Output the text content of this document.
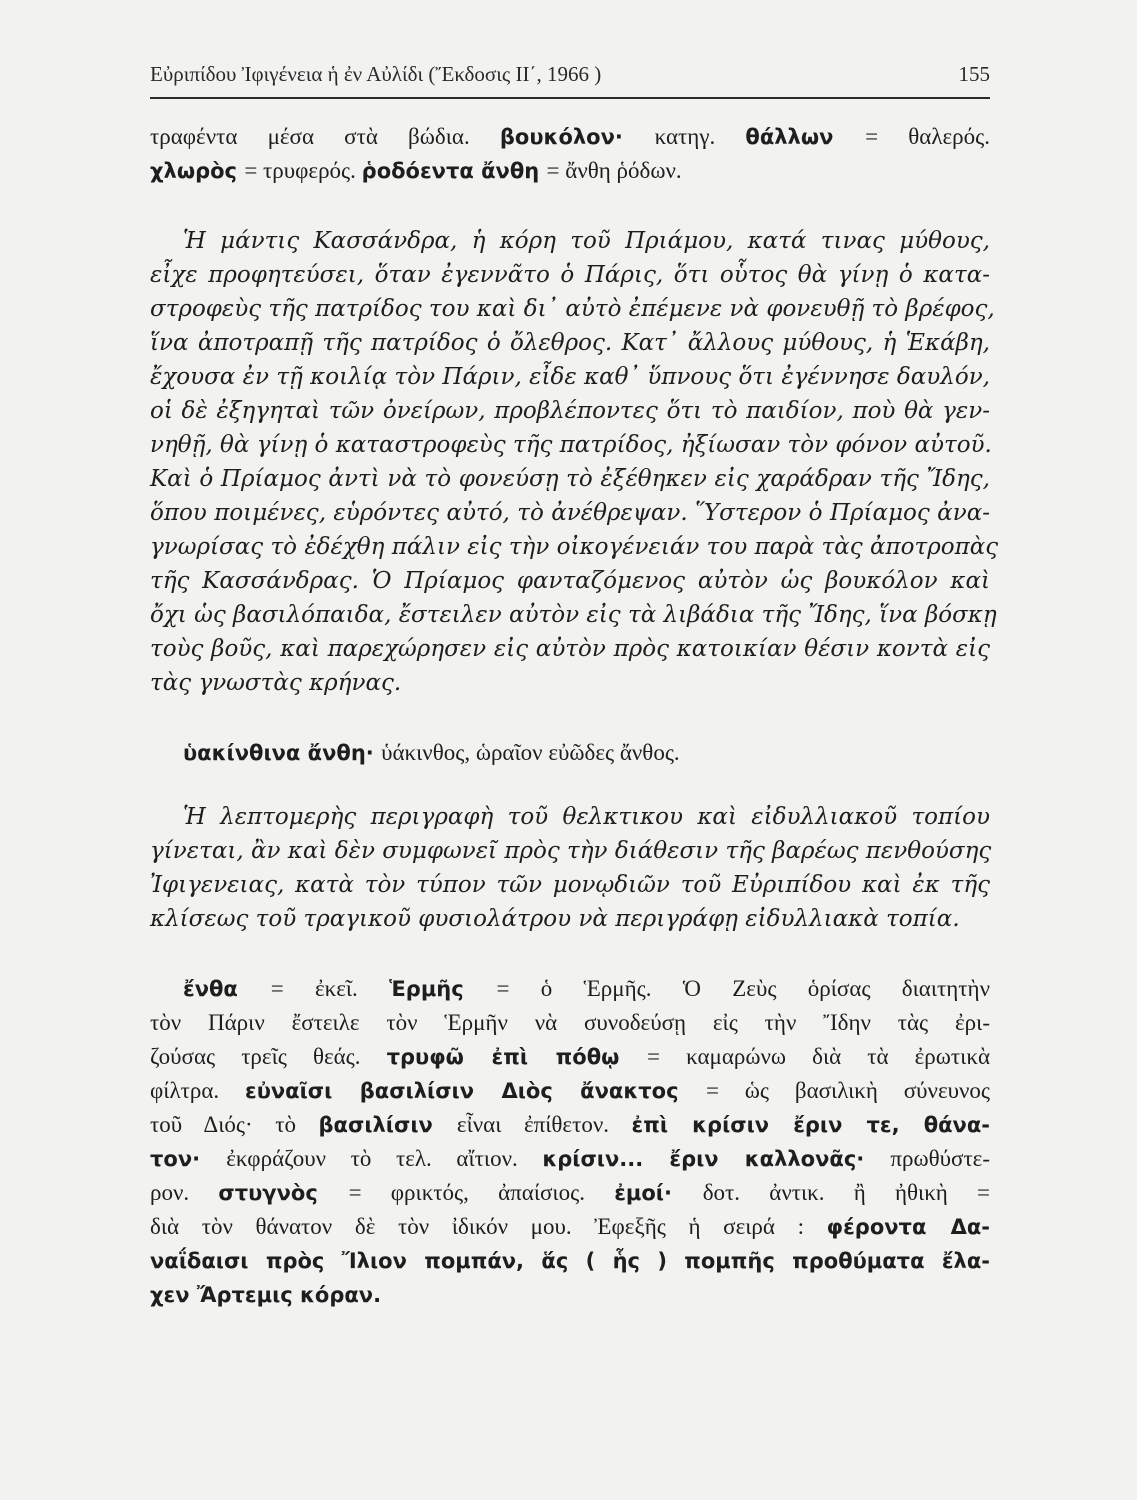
Εὐριπίδου Ἰφιγένεια ἡ ἐν Αὐλίδι (Ἔκδοσις ΙΙ΄, 1966 )	155
τραφέντα μέσα στὰ βώδια. βουκόλον· κατηγ. θάλλων = θαλερός.
χλωρὸς = τρυφερός. ῥοδόεντα ἄνθη = ἄνθη ῥόδων.
Ἡ μάντις Κασσάνδρα, ἡ κόρη τοῦ Πριάμου, κατά τινας μύθους,
εἶχε προφητεύσει, ὅταν ἐγεννᾶτο ὁ Πάρις, ὅτι οὗτος θὰ γίνῃ ὁ κατα-
στροφεὺς τῆς πατρίδος του καὶ δι᾿ αὐτὸ ἐπέμενε νὰ φονευθῇ τὸ βρέφος,
ἵνα ἀποτραπῇ τῆς πατρίδος ὁ ὄλεθρος. Κατ᾿ ἄλλους μύθους, ἡ Ἑκάβη,
ἔχουσα ἐν τῇ κοιλίᾳ τὸν Πάριν, εἶδε καθ᾿ ὕπνους ὅτι ἐγέννησε δαυλόν,
οἱ δὲ ἐξηγηταὶ τῶν ὀνείρων, προβλέποντες ὅτι τὸ παιδίον, ποὺ θὰ γεν-
νηθῇ, θὰ γίνῃ ὁ καταστροφεὺς τῆς πατρίδος, ἠξίωσαν τὸν φόνον αὐτοῦ.
Καὶ ὁ Πρίαμος ἀντὶ νὰ τὸ φονεύσῃ τὸ ἐξέθηκεν εἰς χαράδραν τῆς Ἴδης,
ὅπου ποιμένες, εὑρόντες αὐτό, τὸ ἀνέθρεψαν. Ὕστερον ὁ Πρίαμος ἀνα-
γνωρίσας τὸ ἐδέχθη πάλιν εἰς τὴν οἰκογένειάν του παρὰ τὰς ἀποτροπὰς
τῆς Κασσάνδρας. Ὁ Πρίαμος φανταζόμενος αὐτὸν ὡς βουκόλον καὶ
ὄχι ὡς βασιλόπαιδα, ἔστειλεν αὐτὸν εἰς τὰ λιβάδια τῆς Ἴδης, ἵνα βόσκῃ
τοὺς βοῦς, καὶ παρεχώρησεν εἰς αὐτὸν πρὸς κατοικίαν θέσιν κοντὰ εἰς
τὰς γνωστὰς κρήνας.
ὑακίνθινα ἄνθη· ὑάκινθος, ὡραῖον εὐῶδες ἄνθος.
Ἡ λεπτομερὴς περιγραφὴ τοῦ θελκτικου καὶ εἰδυλλιακοῦ τοπίου
γίνεται, ἂν καὶ δὲν συμφωνεῖ πρὸς τὴν διάθεσιν τῆς βαρέως πενθούσης
Ἰφιγενειας, κατὰ τὸν τύπον τῶν μονῳδιῶν τοῦ Εὐριπίδου καὶ ἐκ τῆς
κλίσεως τοῦ τραγικοῦ φυσιολάτρου νὰ περιγράφῃ εἰδυλλιακὰ τοπία.
ἔνθα = ἐκεῖ. Ἑρμῆς = ὁ Ἑρμῆς. Ὁ Ζεὺς ὁρίσας διαιτητὴν
τὸν Πάριν ἔστειλε τὸν Ἑρμῆν νὰ συνοδεύσῃ εἰς τὴν Ἴδην τὰς ἐρι-
ζούσας τρεῖς θεάς. τρυφῶ ἐπὶ πόθῳ = καμαρώνω διὰ τὰ ἐρωτικὰ
φίλτρα. εὐναῖσι βασιλίσιν Διὸς ἄνακτος = ὡς βασιλικὴ σύνευνος
τοῦ Διός· τὸ βασιλίσιν εἶναι ἐπίθετον. ἐπὶ κρίσιν ἔριν τε, θάνα-
τον· ἐκφράζουν τὸ τελ. αἴτιον. κρίσιν... ἔριν καλλονᾶς· πρωθύστε-
ρον. στυγνὸς = φρικτός, ἀπαίσιος. ἐμοί· δοτ. ἀντικ. ἢ ἠθικὴ =
διὰ τὸν θάνατον δὲ τὸν ἰδικόν μου. Ἐφεξῆς ἡ σειρά : φέροντα Δα-
ναΐδαισι πρὸς Ἴλιον πομπάν, ἅς ( ἧς ) πομπῆς προθύματα ἔλα-
χεν Ἄρτεμις κόραν.
